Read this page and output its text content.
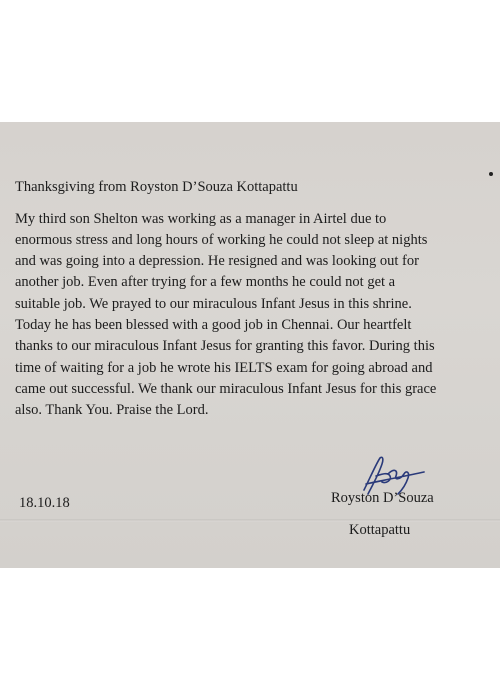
Thanksgiving from Royston D’Souza Kottapattu
My third son Shelton was working as a manager in Airtel due to
enormous stress and long hours of working he could not sleep at nights
and was going into a depression. He resigned and was looking out for
another job. Even after trying for a few months he could not get a
suitable job. We prayed to our miraculous Infant Jesus in this shrine.
Today he has been blessed with a good job in Chennai. Our heartfelt
thanks to our miraculous Infant Jesus for granting this favor. During this
time of waiting for a job he wrote his IELTS exam for going abroad and
came out successful. We thank our miraculous Infant Jesus for this grace
also. Thank You. Praise the Lord.
18.10.18	Royston D’Souza
Kottapattu
